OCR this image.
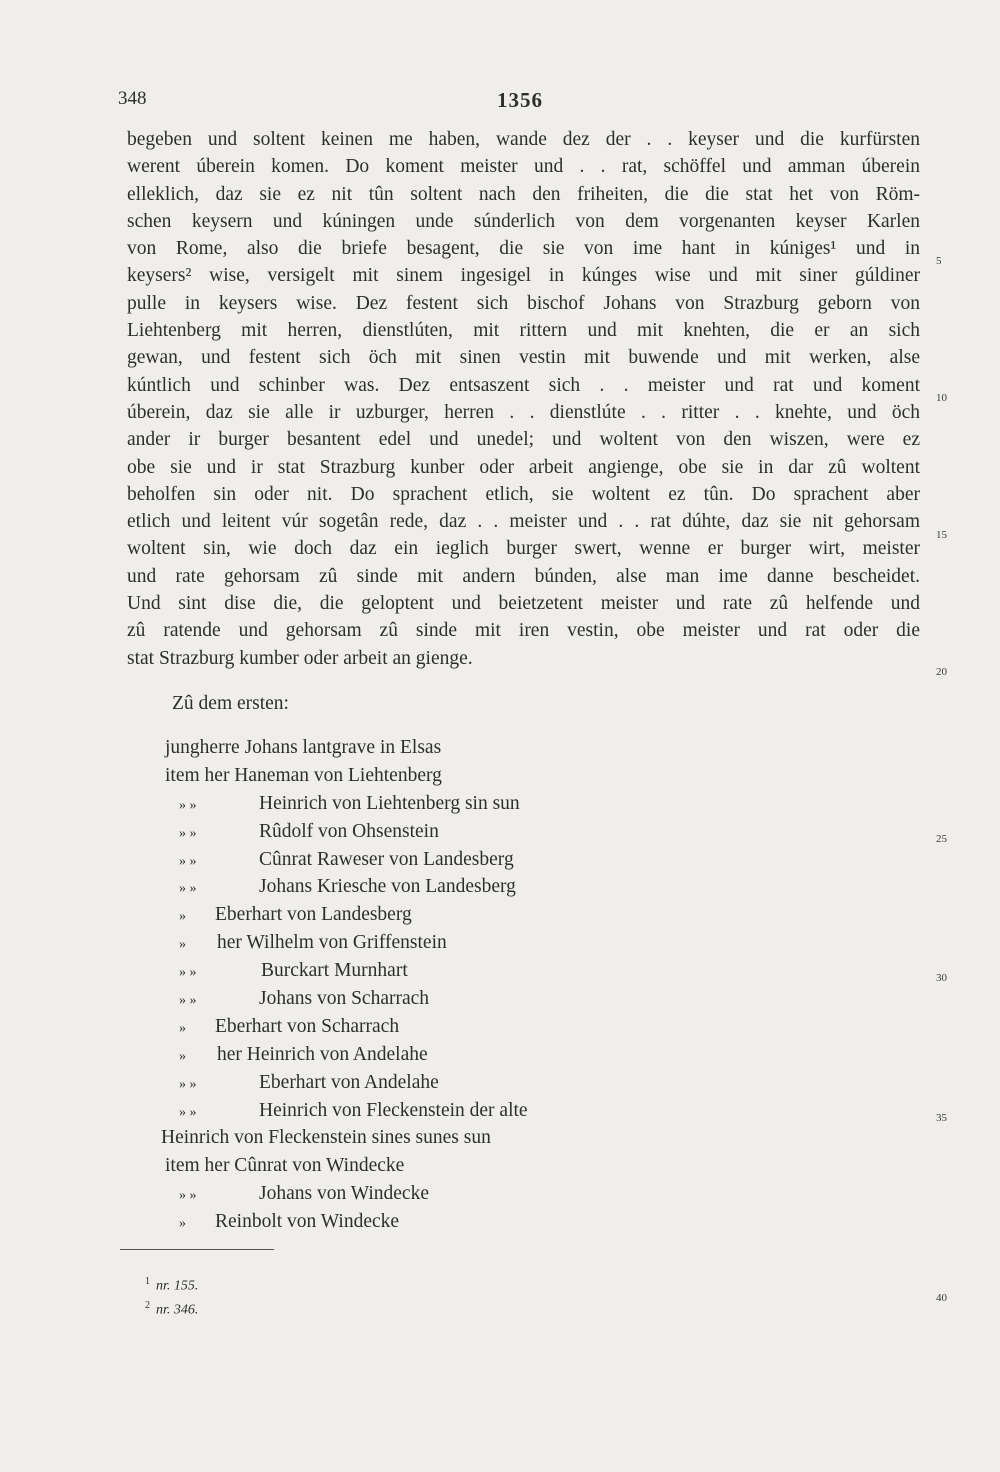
348	1356
begeben und soltent keinen me haben, wande dez der . . keyser und die kurfürsten
werent úberein komen. Do koment meister und . . rat, schöffel und amman úberein
elleklich, daz sie ez nit tûn soltent nach den friheiten, die die stat het von Röm-
schen keysern und kúningen unde súnderlich von dem vorgenanten keyser Karlen
von Rome, also die briefe besagent, die sie von ime hant in kúniges¹ und in
keysers² wise, versigelt mit sinem ingesigel in kúnges wise und mit siner gúldiner
pulle in keysers wise. Dez festent sich bischof Johans von Strazburg geborn von
Liehtenberg mit herren, dienstlúten, mit rittern und mit knehten, die er an sich
gewan, und festent sich öch mit sinen vestin mit buwende und mit werken, alse
kúntlich und schinber was. Dez entsaszent sich . . meister und rat und koment
úberein, daz sie alle ir uzburger, herren . . dienstlúte . . ritter . . knehte, und öch
ander ir burger besantent edel und unedel; und woltent von den wiszen, were ez
obe sie und ir stat Strazburg kunber oder arbeit angienge, obe sie in dar zû woltent
beholfen sin oder nit. Do sprachent etlich, sie woltent ez tûn. Do sprachent aber
etlich und leitent vúr sogetân rede, daz . . meister und . . rat dúhte, daz sie nit gehorsam
woltent sin, wie doch daz ein ieglich burger swert, wenne er burger wirt, meister
und rate gehorsam zû sinde mit andern búnden, alse man ime danne bescheidet.
Und sint dise die, die geloptent und beietzetent meister und rate zû helfende und
zû ratende und gehorsam zû sinde mit iren vestin, obe meister und rat oder die
stat Strazburg kumber oder arbeit an gienge.
5
10
15
20
25
30
35
40
Zû dem ersten:
jungherre Johans lantgrave in Elsas
item her Haneman von Liehtenberg
» »	Heinrich von Liehtenberg sin sun
» »	Rûdolf von Ohsenstein
» »	Cûnrat Raweser von Landesberg
» »	Johans Kriesche von Landesberg
» Eberhart von Landesberg
» her Wilhelm von Griffenstein
» »	Burckart Murnhart
» »	Johans von Scharrach
» Eberhart von Scharrach
» her Heinrich von Andelahe
» »	Eberhart von Andelahe
» »	Heinrich von Fleckenstein der alte
Heinrich von Fleckenstein sines sunes sun
item her Cûnrat von Windecke
» »	Johans von Windecke
» Reinbolt von Windecke
$^1$ nr. 155.
$^2$ nr. 346.
